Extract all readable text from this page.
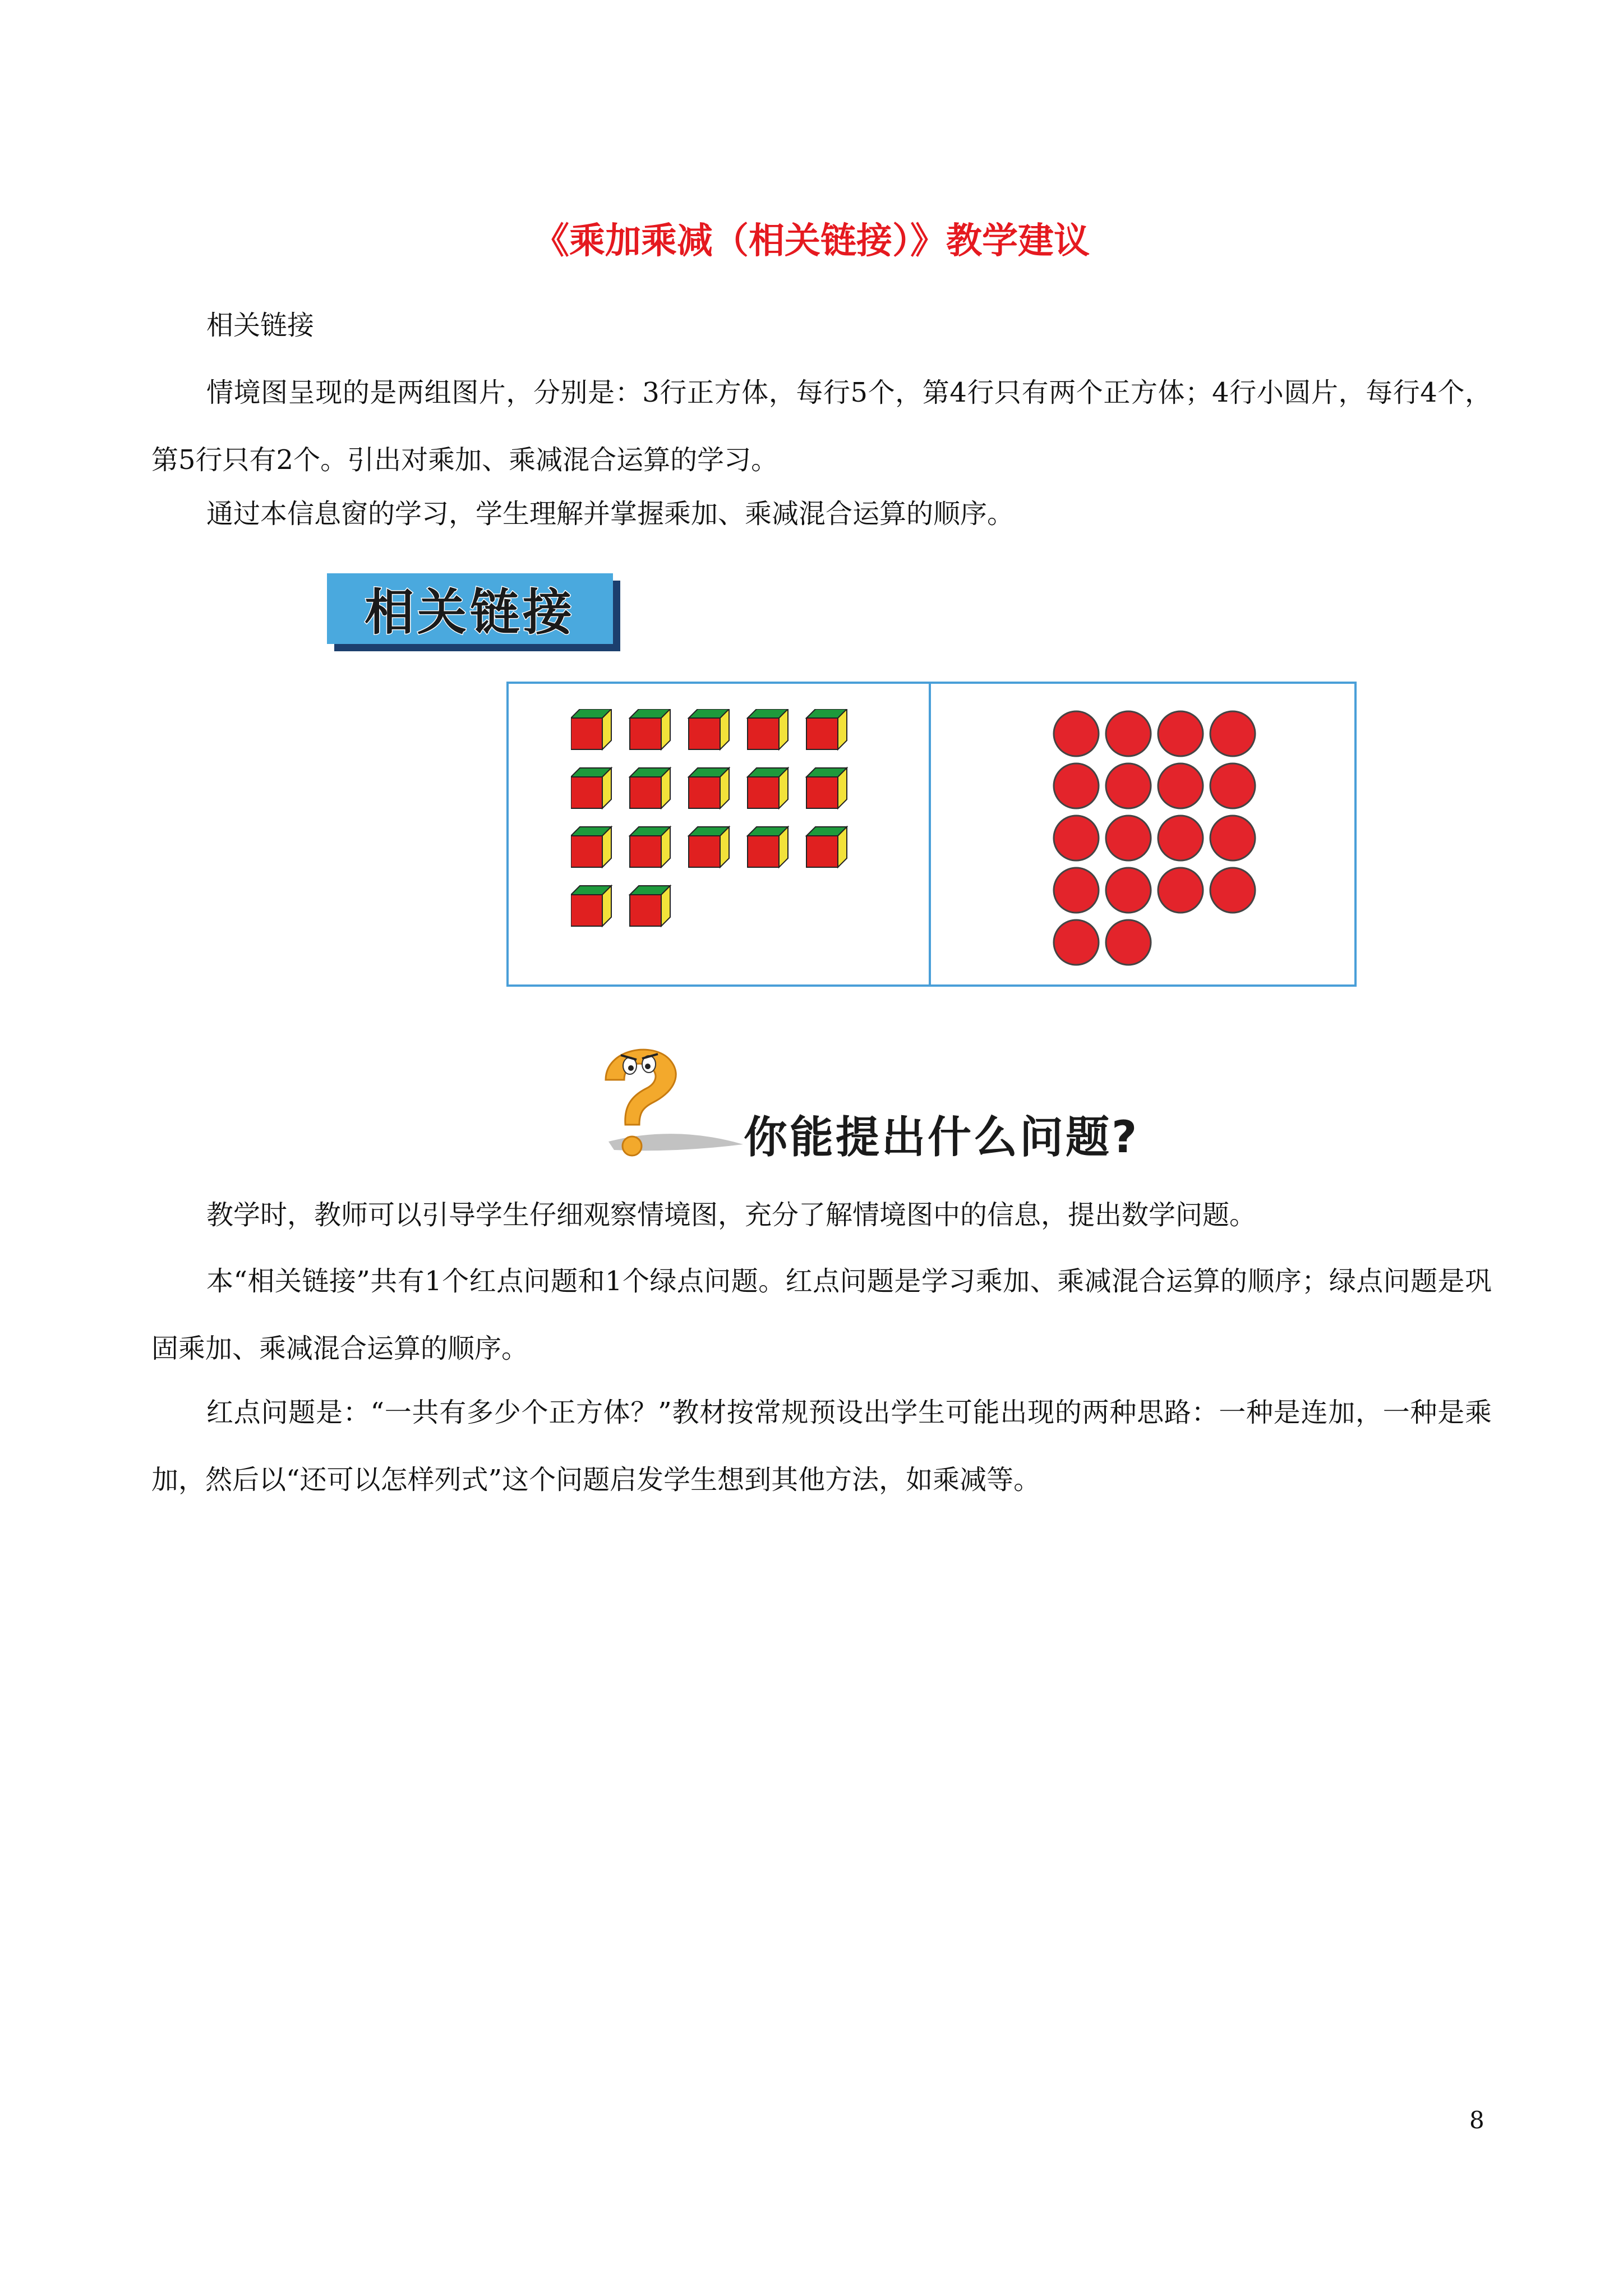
《乘加乘减（相关链接）》教学建议

相关链接

情境图呈现的是两组图片，分别是：3行正方体，每行5个，第4行只有两个正方体；4行小圆片，每行4个，第5行只有2个。引出对乘加、乘减混合运算的学习。

通过本信息窗的学习，学生理解并掌握乘加、乘减混合运算的顺序。

相关链接
你能提出什么问题?

教学时，教师可以引导学生仔细观察情境图，充分了解情境图中的信息，提出数学问题。

本“相关链接”共有1个红点问题和1个绿点问题。红点问题是学习乘加、乘减混合运算的顺序；绿点问题是巩固乘加、乘减混合运算的顺序。

红点问题是：“一共有多少个正方体？”教材按常规预设出学生可能出现的两种思路：一种是连加，一种是乘加，然后以“还可以怎样列式”这个问题启发学生想到其他方法，如乘减等。

8
